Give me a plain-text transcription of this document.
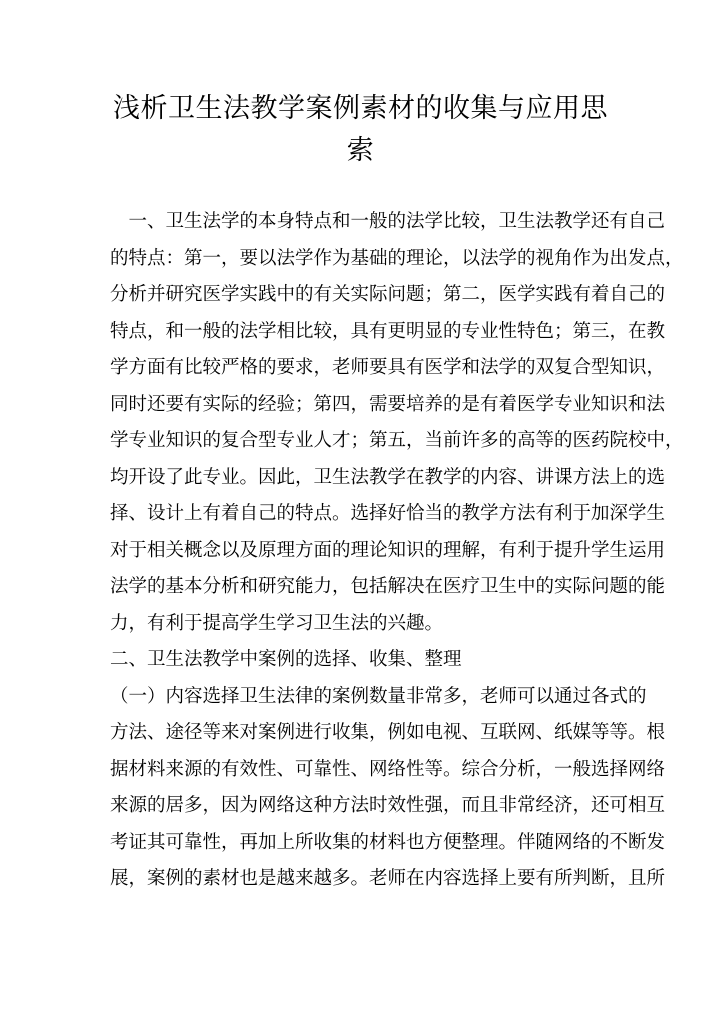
浅析卫生法教学案例素材的收集与应用思
索
　一、卫生法学的本身特点和一般的法学比较，卫生法教学还有自己
的特点：第一，要以法学作为基础的理论，以法学的视角作为出发点，
分析并研究医学实践中的有关实际问题；第二，医学实践有着自己的
特点，和一般的法学相比较，具有更明显的专业性特色；第三，在教
学方面有比较严格的要求，老师要具有医学和法学的双复合型知识，
同时还要有实际的经验；第四，需要培养的是有着医学专业知识和法
学专业知识的复合型专业人才；第五，当前许多的高等的医药院校中，
均开设了此专业。因此，卫生法教学在教学的内容、讲课方法上的选
择、设计上有着自己的特点。选择好恰当的教学方法有利于加深学生
对于相关概念以及原理方面的理论知识的理解，有利于提升学生运用
法学的基本分析和研究能力，包括解决在医疗卫生中的实际问题的能
力，有利于提高学生学习卫生法的兴趣。
二、卫生法教学中案例的选择、收集、整理
（一）内容选择卫生法律的案例数量非常多，老师可以通过各式的
方法、途径等来对案例进行收集，例如电视、互联网、纸媒等等。根
据材料来源的有效性、可靠性、网络性等。综合分析，一般选择网络
来源的居多，因为网络这种方法时效性强，而且非常经济，还可相互
考证其可靠性，再加上所收集的材料也方便整理。伴随网络的不断发
展，案例的素材也是越来越多。老师在内容选择上要有所判断，且所
